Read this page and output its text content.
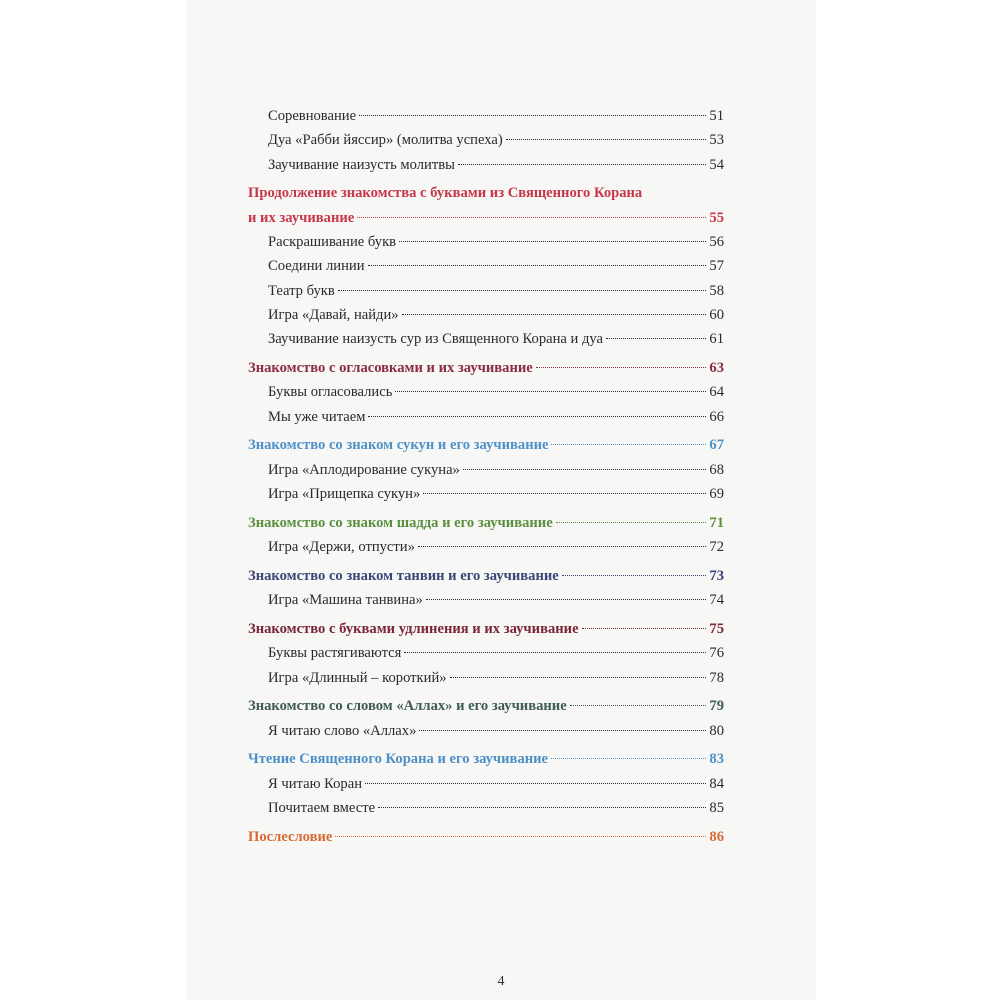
Соревнование	51
Дуа «Рабби йяссир» (молитва успеха)	53
Заучивание наизусть молитвы	54
Продолжение знакомства с буквами из Священного Корана
и их заучивание	55
Раскрашивание букв	56
Соедини линии	57
Театр букв	58
Игра «Давай, найди»	60
Заучивание наизусть сур из Священного Корана и дуа	61
Знакомство с огласовками и их заучивание	63
Буквы огласовались	64
Мы уже читаем	66
Знакомство со знаком сукун и его заучивание	67
Игра «Аплодирование сукуна»	68
Игра «Прищепка сукун»	69
Знакомство со знаком шадда и его заучивание	71
Игра «Держи, отпусти»	72
Знакомство со знаком танвин и его заучивание	73
Игра «Машина танвина»	74
Знакомство с буквами удлинения и их заучивание	75
Буквы растягиваются	76
Игра «Длинный – короткий»	78
Знакомство со словом «Аллах» и его заучивание	79
Я читаю слово «Аллах»	80
Чтение Священного Корана и его заучивание	83
Я читаю Коран	84
Почитаем вместе	85
Послесловие	86
4
